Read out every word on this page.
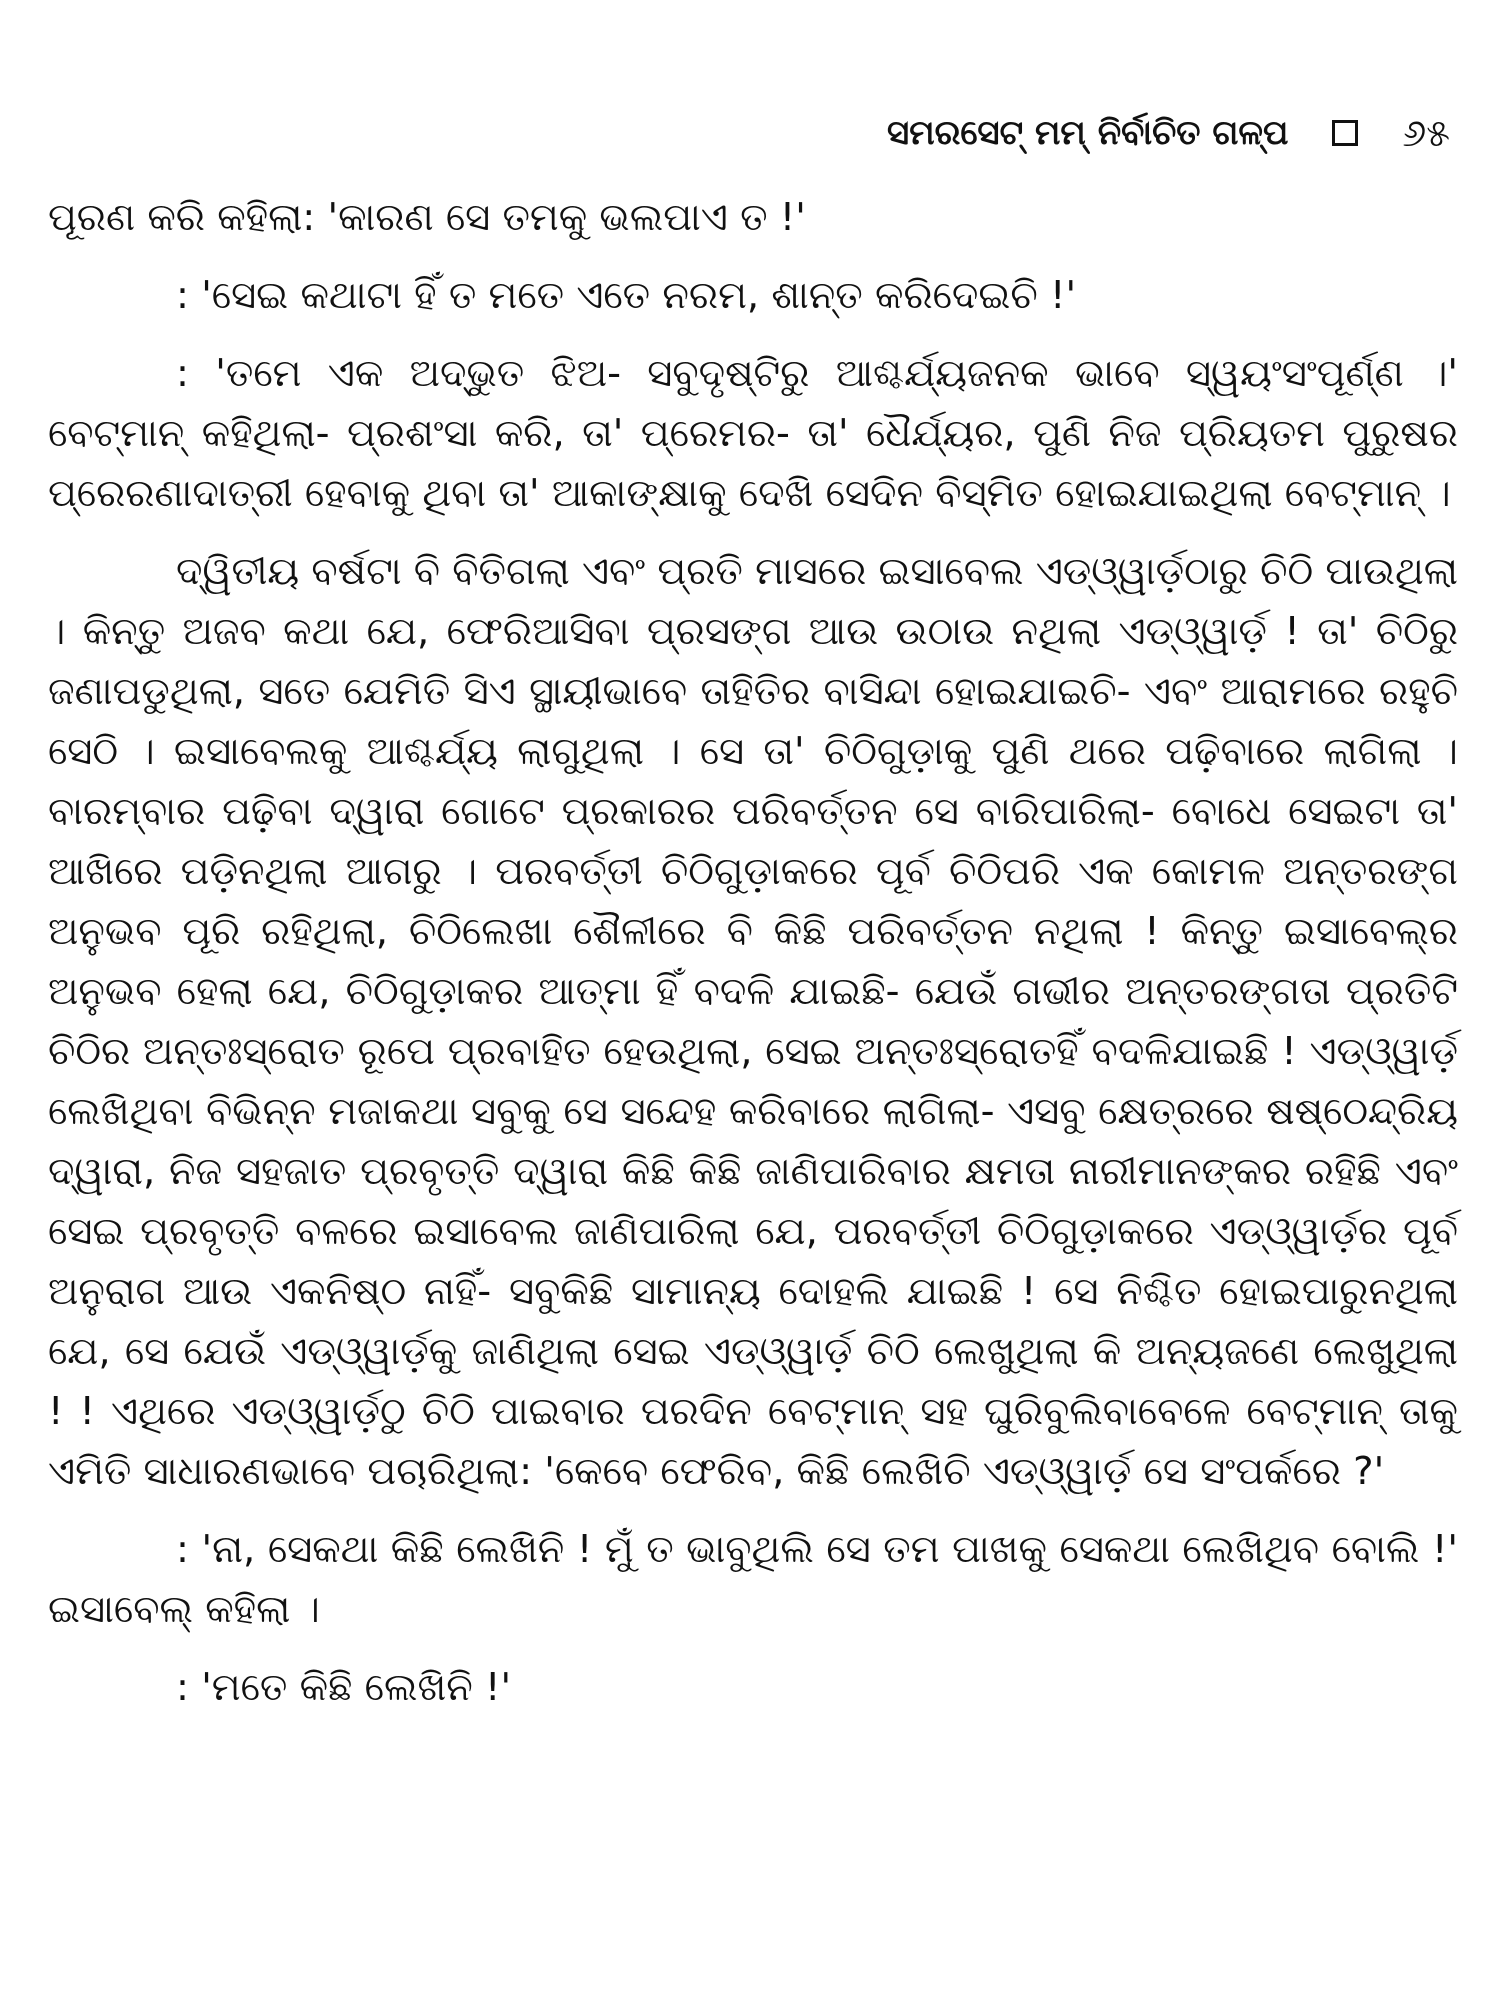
ସମରସେଟ୍ ମମ୍ ନିର୍ବାଚିତ ଗଳ୍ପ	୬୫

ପୂରଣ କରି କହିଲା: 'କାରଣ ସେ ତମକୁ ଭଲପାଏ ତ !'

: 'ସେଇ କଥାଟା ହିଁ ତ ମତେ ଏତେ ନରମ, ଶାନ୍ତ କରିଦେଇଚି !'

: 'ତମେ ଏକ ଅଦ୍ଭୁତ ଝିଅ- ସବୁଦୃଷ୍ଟିରୁ ଆଶ୍ଚର୍ଯ୍ୟଜନକ ଭାବେ ସ୍ୱୟଂସଂପୂର୍ଣ୍ଣ ।' ବେଟ୍‌ମାନ୍ କହିଥିଲା- ପ୍ରଶଂସା କରି, ତା' ପ୍ରେମର- ତା' ଧୈର୍ଯ୍ୟର, ପୁଣି ନିଜ ପ୍ରିୟତମ ପୁରୁଷର ପ୍ରେରଣାଦାତ୍ରୀ ହେବାକୁ ଥିବା ତା' ଆକାଙ୍‌କ୍ଷାକୁ ଦେଖି ସେଦିନ ବିସ୍ମିତ ହୋଇଯାଇଥିଲା ବେଟ୍‌ମାନ୍ ।

ଦ୍ୱିତୀୟ ବର୍ଷଟା ବି ବିତିଗଲା ଏବଂ ପ୍ରତି ମାସରେ ଇସାବେଲ ଏଡ୍‌ଓ୍ୱାର୍ଡ଼ଠାରୁ ଚିଠି ପାଉଥିଲା । କିନ୍ତୁ ଅଜବ କଥା ଯେ, ଫେରିଆସିବା ପ୍ରସଙ୍ଗ ଆଉ ଉଠାଉ ନଥିଲା ଏଡ୍‌ଓ୍ୱାର୍ଡ଼ ! ତା' ଚିଠିରୁ ଜଣାପଡୁଥିଲା, ସତେ ଯେମିତି ସିଏ ସ୍ଥାୟୀଭାବେ ତାହିତିର ବାସିନ୍ଦା ହୋଇଯାଇଚି- ଏବଂ ଆରାମରେ ରହୁଚି ସେଠି । ଇସାବେଲକୁ ଆଶ୍ଚର୍ଯ୍ୟ ଲାଗୁଥିଲା । ସେ ତା' ଚିଠିଗୁଡ଼ାକୁ ପୁଣି ଥରେ ପଢ଼ିବାରେ ଲାଗିଲା । ବାରମ୍ବାର ପଢ଼ିବା ଦ୍ୱାରା ଗୋଟେ ପ୍ରକାରର ପରିବର୍ତ୍ତନ ସେ ବାରିପାରିଲା- ବୋଧେ ସେଇଟା ତା' ଆଖିରେ ପଡ଼ିନଥିଲା ଆଗରୁ । ପରବର୍ତ୍ତୀ ଚିଠିଗୁଡ଼ାକରେ ପୂର୍ବ ଚିଠିପରି ଏକ କୋମଳ ଅନ୍ତରଙ୍ଗ ଅନୁଭବ ପୂରି ରହିଥିଲା, ଚିଠିଲେଖା ଶୈଳୀରେ ବି କିଛି ପରିବର୍ତ୍ତନ ନଥିଲା ! କିନ୍ତୁ ଇସାବେଲ୍‌ର ଅନୁଭବ ହେଲା ଯେ, ଚିଠିଗୁଡ଼ାକର ଆତ୍ମା ହିଁ ବଦଳି ଯାଇଛି- ଯେଉଁ ଗଭୀର ଅନ୍ତରଙ୍ଗତା ପ୍ରତିଟି ଚିଠିର ଅନ୍ତଃସ୍ରୋତ ରୂପେ ପ୍ରବାହିତ ହେଉଥିଲା, ସେଇ ଅନ୍ତଃସ୍ରୋତହିଁ ବଦଳିଯାଇଛି ! ଏଡ୍‌ଓ୍ୱାର୍ଡ଼ ଲେଖିଥିବା ବିଭିନ୍ନ ମଜାକଥା ସବୁକୁ ସେ ସନ୍ଦେହ କରିବାରେ ଲାଗିଲା- ଏସବୁ କ୍ଷେତ୍ରରେ ଷଷ୍ଠେନ୍ଦ୍ରିୟ ଦ୍ୱାରା, ନିଜ ସହଜାତ ପ୍ରବୃତ୍ତି ଦ୍ୱାରା କିଛି କିଛି ଜାଣିପାରିବାର କ୍ଷମତା ନାରୀମାନଙ୍କର ରହିଛି ଏବଂ ସେଇ ପ୍ରବୃତ୍ତି ବଳରେ ଇସାବେଲ ଜାଣିପାରିଲା ଯେ, ପରବର୍ତ୍ତୀ ଚିଠିଗୁଡ଼ାକରେ ଏଡ୍‌ଓ୍ୱାର୍ଡ଼ର ପୂର୍ବ ଅନୁରାଗ ଆଉ ଏକନିଷ୍ଠ ନାହିଁ- ସବୁକିଛି ସାମାନ୍ୟ ଦୋହଲି ଯାଇଛି ! ସେ ନିଶ୍ଚିତ ହୋଇପାରୁନଥିଲା ଯେ, ସେ ଯେଉଁ ଏଡ୍‌ଓ୍ୱାର୍ଡ଼କୁ ଜାଣିଥିଲା ସେଇ ଏଡ୍‌ଓ୍ୱାର୍ଡ଼ ଚିଠି ଲେଖୁଥିଲା କି ଅନ୍ୟଜଣେ ଲେଖୁଥିଲା ! ! ଏଥିରେ ଏଡ୍‌ଓ୍ୱାର୍ଡ଼ଠୁ ଚିଠି ପାଇବାର ପରଦିନ ବେଟ୍‌ମାନ୍ ସହ ଘୁରିବୁଲିବାବେଳେ ବେଟ୍‌ମାନ୍ ତାକୁ ଏମିତି ସାଧାରଣଭାବେ ପଚାରିଥିଲା: 'କେବେ ଫେରିବ, କିଛି ଲେଖିଚି ଏଡ୍‌ଓ୍ୱାର୍ଡ଼ ସେ ସଂପର୍କରେ ?'

: 'ନା, ସେକଥା କିଛି ଲେଖିନି ! ମୁଁ ତ ଭାବୁଥିଲି ସେ ତମ ପାଖକୁ ସେକଥା ଲେଖିଥିବ ବୋଲି !' ଇସାବେଲ୍ କହିଲା ।

: 'ମତେ କିଛି ଲେଖିନି !'
